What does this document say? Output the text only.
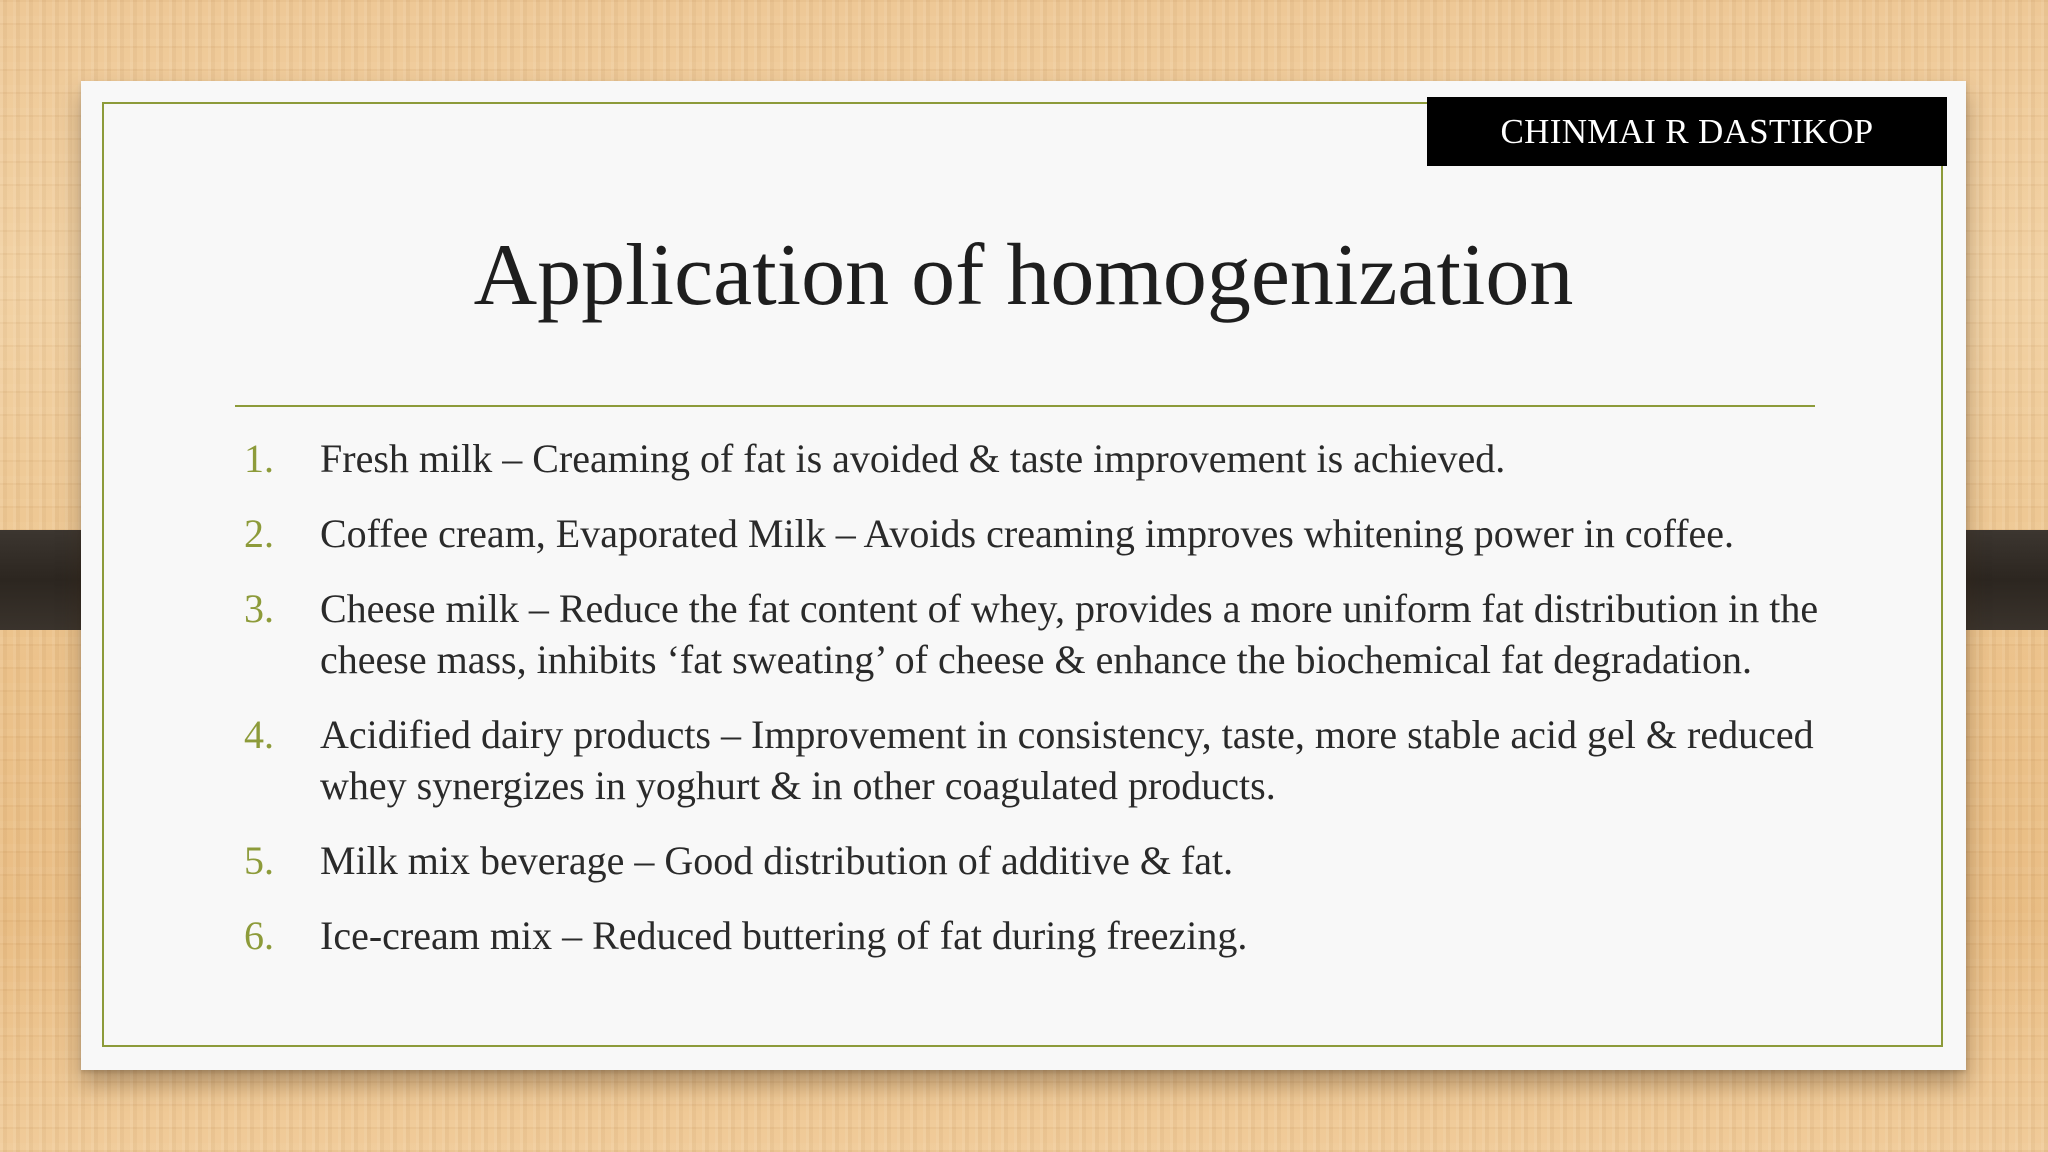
CHINMAI R DASTIKOP
Application of homogenization
1. Fresh milk – Creaming of fat is avoided & taste improvement is achieved.
2. Coffee cream, Evaporated Milk – Avoids creaming improves whitening power in coffee.
3. Cheese milk – Reduce the fat content of whey, provides a more uniform fat distribution in the cheese mass, inhibits ‘fat sweating’ of cheese & enhance the biochemical fat degradation.
4. Acidified dairy products – Improvement in consistency, taste, more stable acid gel & reduced whey synergizes in yoghurt & in other coagulated products.
5. Milk mix beverage – Good distribution of additive & fat.
6. Ice-cream mix – Reduced buttering of fat during freezing.
